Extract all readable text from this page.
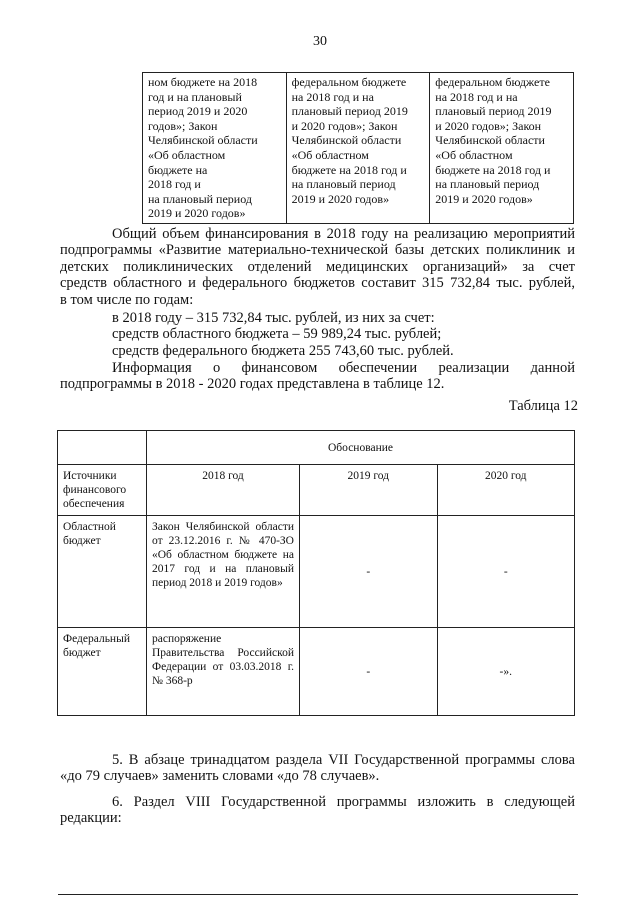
30
ном бюджете на 2018
год и на плановый
период 2019 и 2020
годов»; Закон
Челябинской области
«Об областном
бюджете на
2018 год и
на плановый период
2019 и 2020 годов»	федеральном бюджете
на 2018 год и на
плановый период 2019
и 2020 годов»; Закон
Челябинской области
«Об областном
бюджете на 2018 год и
на плановый период
2019 и 2020 годов»	федеральном бюджете
на 2018 год и на
плановый период 2019
и 2020 годов»; Закон
Челябинской области
«Об областном
бюджете на 2018 год и
на плановый период
2019 и 2020 годов»
Общий объем финансирования в 2018 году на реализацию мероприятий
подпрограммы «Развитие материально-технической базы детских поликлиник и
детских поликлинических отделений медицинских организаций» за счет
средств областного и федерального бюджетов составит 315 732,84 тыс. рублей,
в том числе по годам:
в 2018 году – 315 732,84 тыс. рублей, из них за счет:
средств областного бюджета – 59 989,24 тыс. рублей;
средств федерального бюджета 255 743,60 тыс. рублей.
Информация о финансовом обеспечении реализации данной
подпрограммы в 2018 - 2020 годах представлена в таблице 12.
Таблица 12
	Обоснование		
Источники финансового обеспечения	2018 год	2019 год	2020 год
Областной бюджет	Закон Челябинской области от 23.12.2016 г. № 470-ЗО «Об областном бюджете на 2017 год и на плановый период 2018 и 2019 годов»	-	-
Федеральный бюджет	распоряжение Правительства Российской Федерации от 03.03.2018 г. № 368-р	-	-».
5. В абзаце тринадцатом раздела VII Государственной программы слова
«до 79 случаев» заменить словами «до 78 случаев».
6. Раздел VIII Государственной программы изложить в следующей
редакции:
